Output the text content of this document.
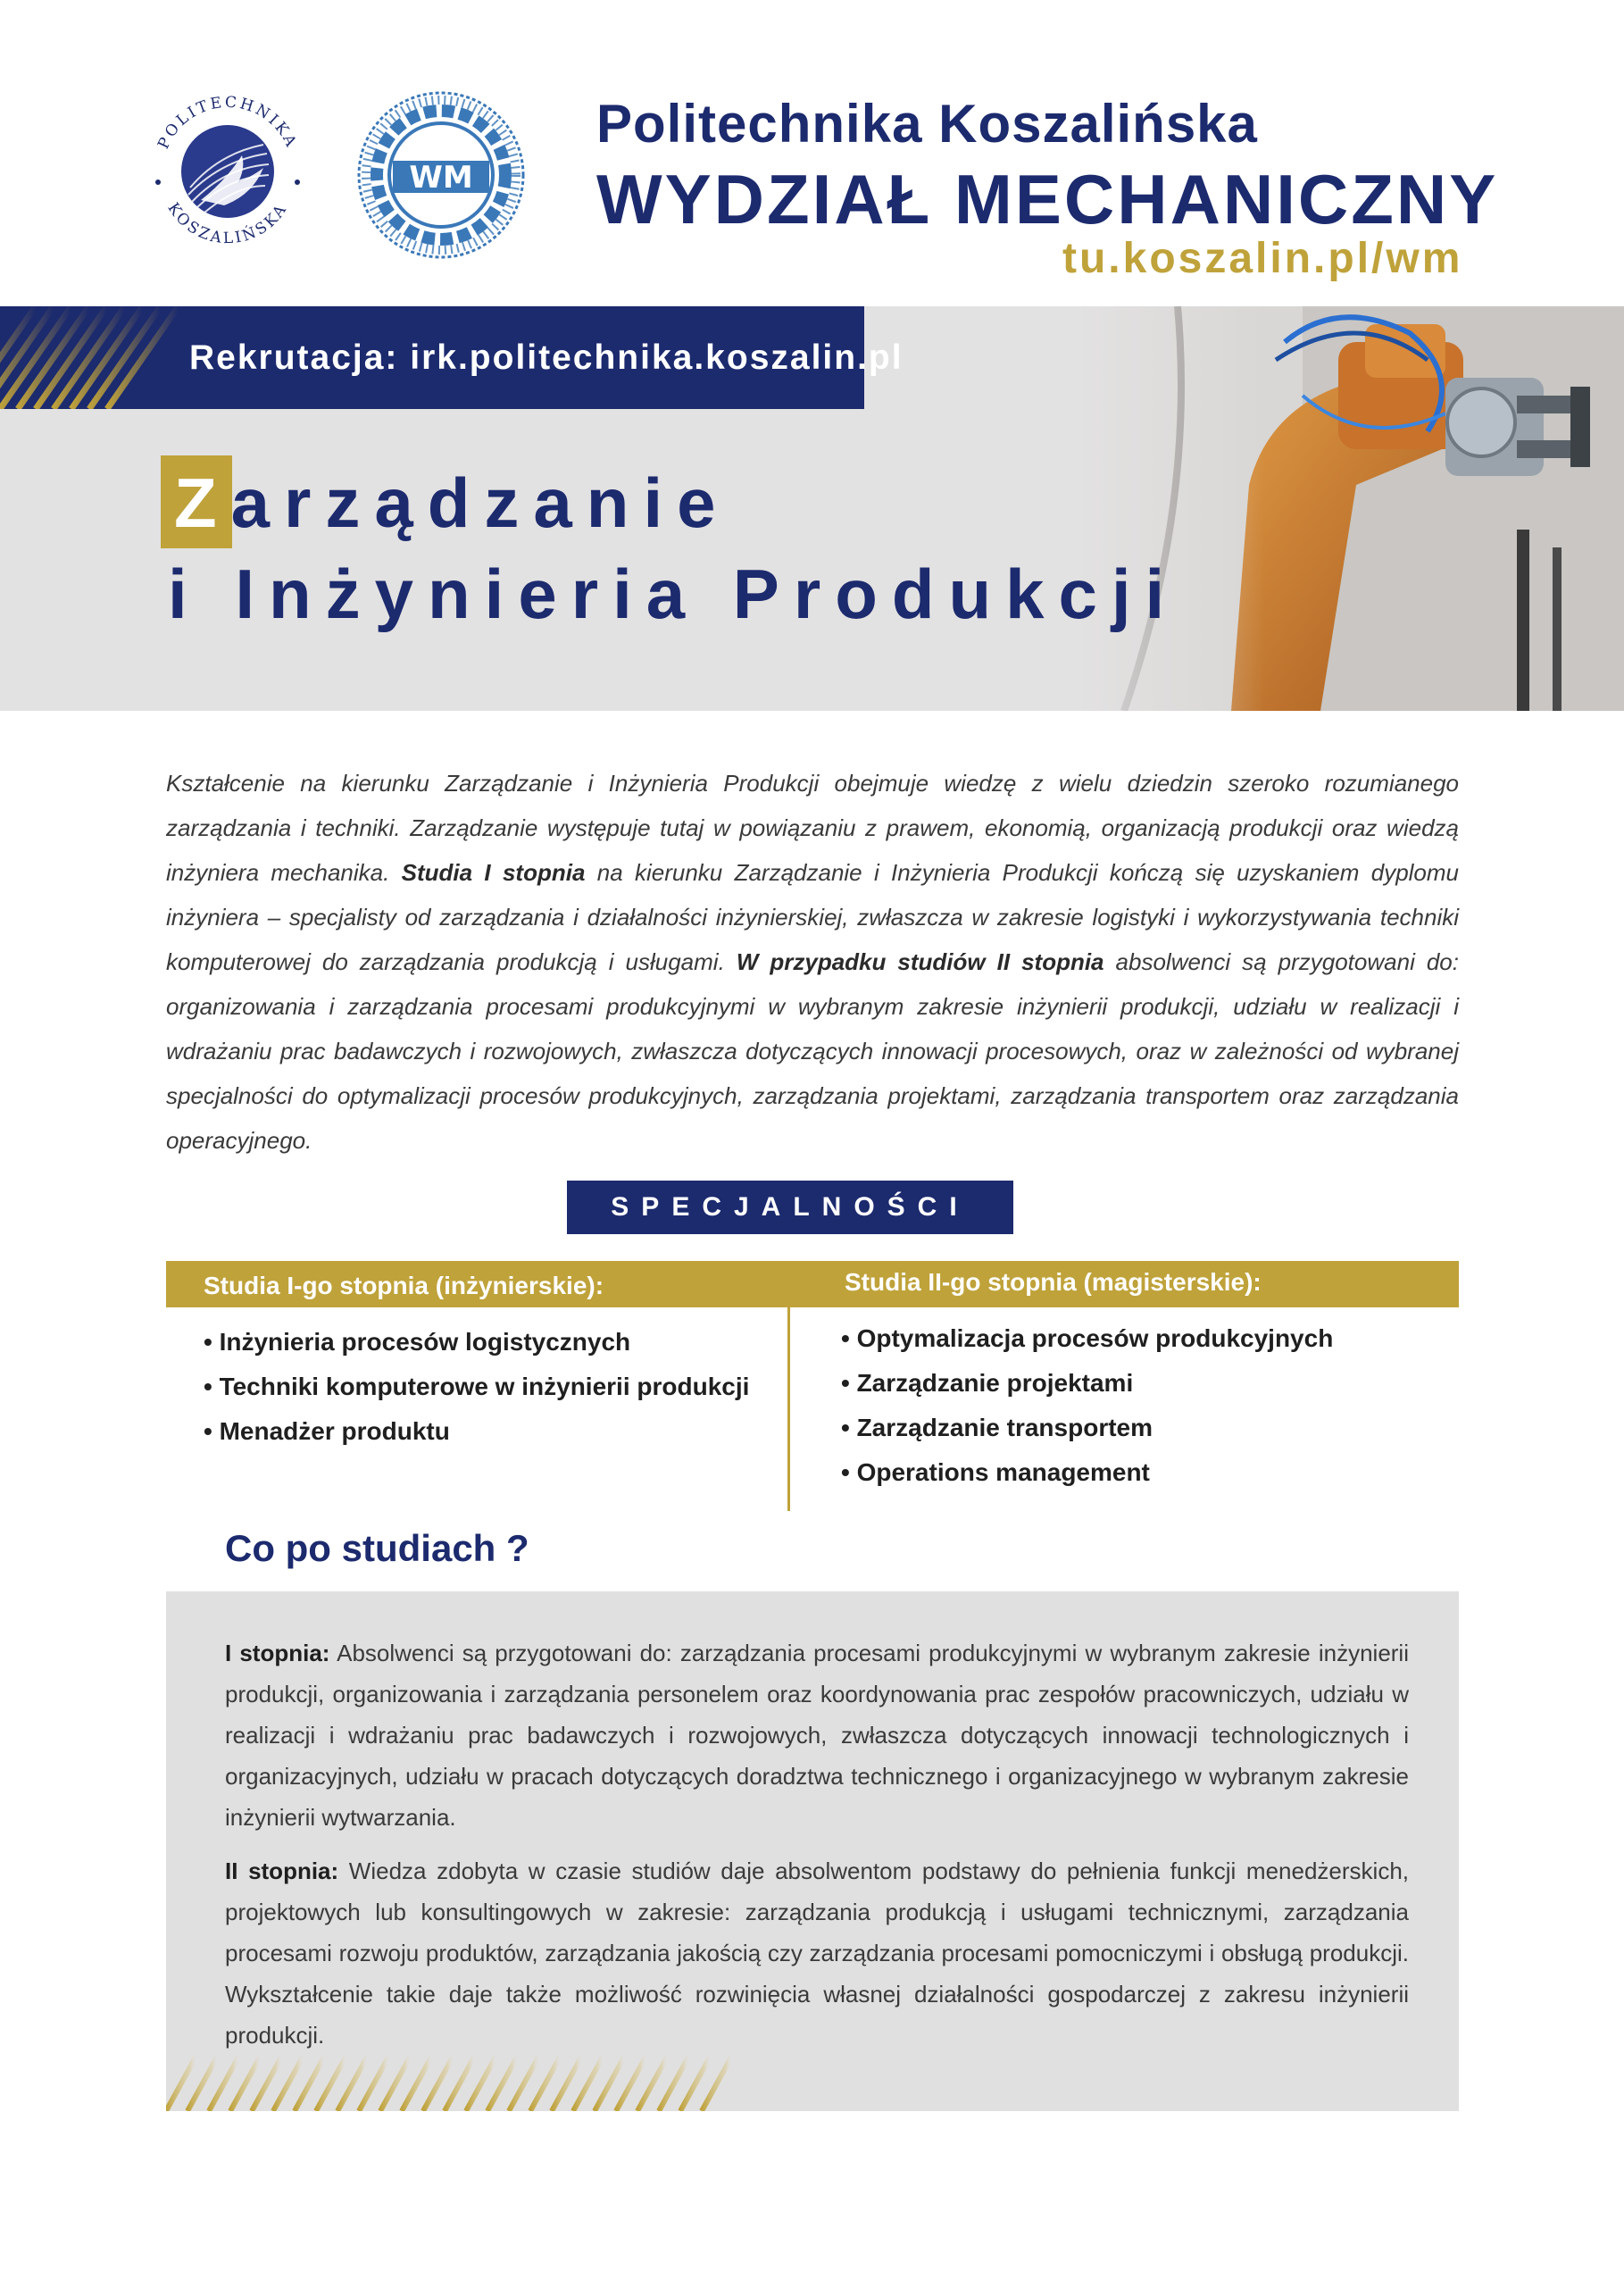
POLITECHNIKA
KOSZALIŃSKA
WM
Politechnika Koszalińska
WYDZIAŁ MECHANICZNY
tu.koszalin.pl/wm
Rekrutacja: irk.politechnika.koszalin.pl
Zarządzanie
i Inżynieria Produkcji
Kształcenie na kierunku Zarządzanie i Inżynieria Produkcji obejmuje wiedzę z wielu dziedzin szeroko rozumianego zarządzania i techniki. Zarządzanie występuje tutaj w powiązaniu z prawem, ekonomią, organizacją produkcji oraz wiedzą inżyniera mechanika. Studia I stopnia na kierunku Zarządzanie i Inżynieria Produkcji kończą się uzyskaniem dyplomu inżyniera – specjalisty od zarządzania i działalności inżynierskiej, zwłaszcza w zakresie logistyki i wykorzystywania techniki komputerowej do zarządzania produkcją i usługami. W przypadku studiów II stopnia absolwenci są przygotowani do: organizowania i zarządzania procesami produkcyjnymi w wybranym zakresie inżynierii produkcji, udziału w realizacji i wdrażaniu prac badawczych i rozwojowych, zwłaszcza dotyczących innowacji procesowych, oraz w zależności od wybranej specjalności do optymalizacji procesów produkcyjnych, zarządzania projektami, zarządzania transportem oraz zarządzania operacyjnego.
SPECJALNOŚCI
Studia I-go stopnia (inżynierskie):	Studia II-go stopnia (magisterskie):
• Inżynieria procesów logistycznych
• Techniki komputerowe w inżynierii produkcji
• Menadżer produktu
• Optymalizacja procesów produkcyjnych
• Zarządzanie projektami
• Zarządzanie transportem
• Operations management
Co po studiach ?
I stopnia: Absolwenci są przygotowani do: zarządzania procesami produkcyjnymi w wybranym zakresie inżynierii produkcji, organizowania i zarządzania personelem oraz koordynowania prac zespołów pracowniczych, udziału w realizacji i wdrażaniu prac badawczych i rozwojowych, zwłaszcza dotyczących innowacji technologicznych i organizacyjnych, udziału w pracach dotyczących doradztwa technicznego i organizacyjnego w wybranym zakresie inżynierii wytwarzania.
II stopnia: Wiedza zdobyta w czasie studiów daje absolwentom podstawy do pełnienia funkcji menedżerskich, projektowych lub konsultingowych w zakresie: zarządzania produkcją i usługami technicznymi, zarządzania procesami rozwoju produktów, zarządzania jakością czy zarządzania procesami pomocniczymi i obsługą produkcji. Wykształcenie takie daje także możliwość rozwinięcia własnej działalności gospodarczej z zakresu inżynierii produkcji.
